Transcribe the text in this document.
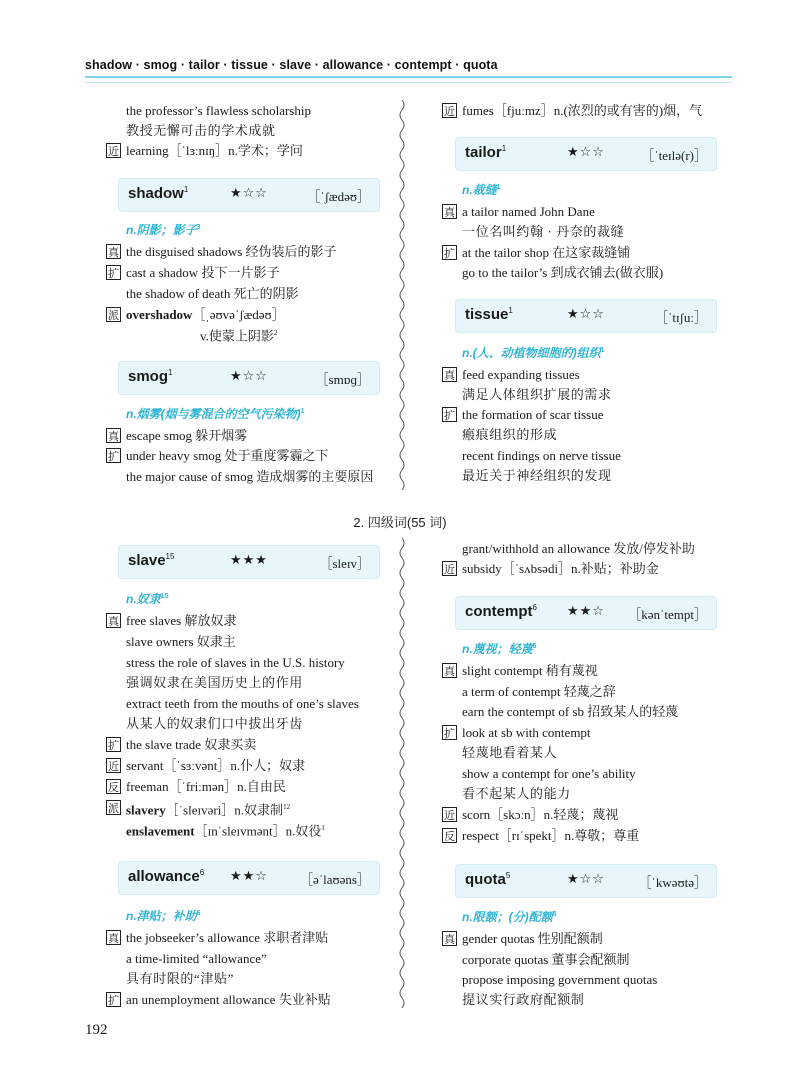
shadow · smog · tailor · tissue · slave · allowance · contempt · quota
the professor’s flawless scholarship
教授无懈可击的学术成就
近 learning［ˈlɜːnɪŋ］n.学术；学问
shadow$^1$	★☆☆	［ˈʃædəʊ］
n.阴影；影子$^3$
真 the disguised shadows 经伪装后的影子
扩 cast a shadow 投下一片影子
the shadow of death 死亡的阴影
派 overshadow［ˌəʊvəˈʃædəʊ］
v.使蒙上阴影$^2$
smog$^1$	★☆☆	［smɒɡ］
n.烟雾(烟与雾混合的空气污染物)$^1$
真 escape smog 躲开烟雾
扩 under heavy smog 处于重度雾霾之下
the major cause of smog 造成烟雾的主要原因
近 fumes［fjuːmz］n.(浓烈的或有害的)烟，气
tailor$^1$	★☆☆	［ˈteɪlə(r)］
n.裁缝$^1$
真 a tailor named John Dane
一位名叫约翰 · 丹奈的裁缝
扩 at the tailor shop 在这家裁缝铺
go to the tailor’s 到成衣铺去(做衣服)
tissue$^1$	★☆☆	［ˈtɪʃuː］
n.(人、动植物细胞的)组织$^1$
真 feed expanding tissues
满足人体组织扩展的需求
扩 the formation of scar tissue
瘢痕组织的形成
recent findings on nerve tissue
最近关于神经组织的发现
2. 四级词(55 词)
slave$^{15}$	★★★	［sleɪv］
n.奴隶$^{15}$
真 free slaves 解放奴隶
slave owners 奴隶主
stress the role of slaves in the U.S. history
强调奴隶在美国历史上的作用
extract teeth from the mouths of one’s slaves
从某人的奴隶们口中拔出牙齿
扩 the slave trade 奴隶买卖
近 servant［ˈsɜːvənt］n.仆人；奴隶
反 freeman［ˈfriːmən］n.自由民
派 slavery［ˈsleɪvəri］n.奴隶制$^{12}$
enslavement［ɪnˈsleɪvmənt］n.奴役$^1$
allowance$^6$ ★★☆ ［əˈlaʊəns］
n.津贴；补助$^6$
真 the jobseeker’s allowance 求职者津贴
a time-limited “allowance”
具有时限的“津贴”
扩 an unemployment allowance 失业补贴
grant/withhold an allowance 发放/停发补助
近 subsidy［ˈsʌbsədi］n.补贴；补助金
contempt$^6$ ★★☆ ［kənˈtempt］
n.蔑视；轻蔑$^6$
真 slight contempt 稍有蔑视
a term of contempt 轻蔑之辞
earn the contempt of sb 招致某人的轻蔑
扩 look at sb with contempt
轻蔑地看着某人
show a contempt for one’s ability
看不起某人的能力
近 scorn［skɔːn］n.轻蔑；蔑视
反 respect［rɪˈspekt］n.尊敬；尊重
quota$^5$	★☆☆	［ˈkwəʊtə］
n.限额；(分)配额$^5$
真 gender quotas 性别配额制
corporate quotas 董事会配额制
propose imposing government quotas
提议实行政府配额制
192
